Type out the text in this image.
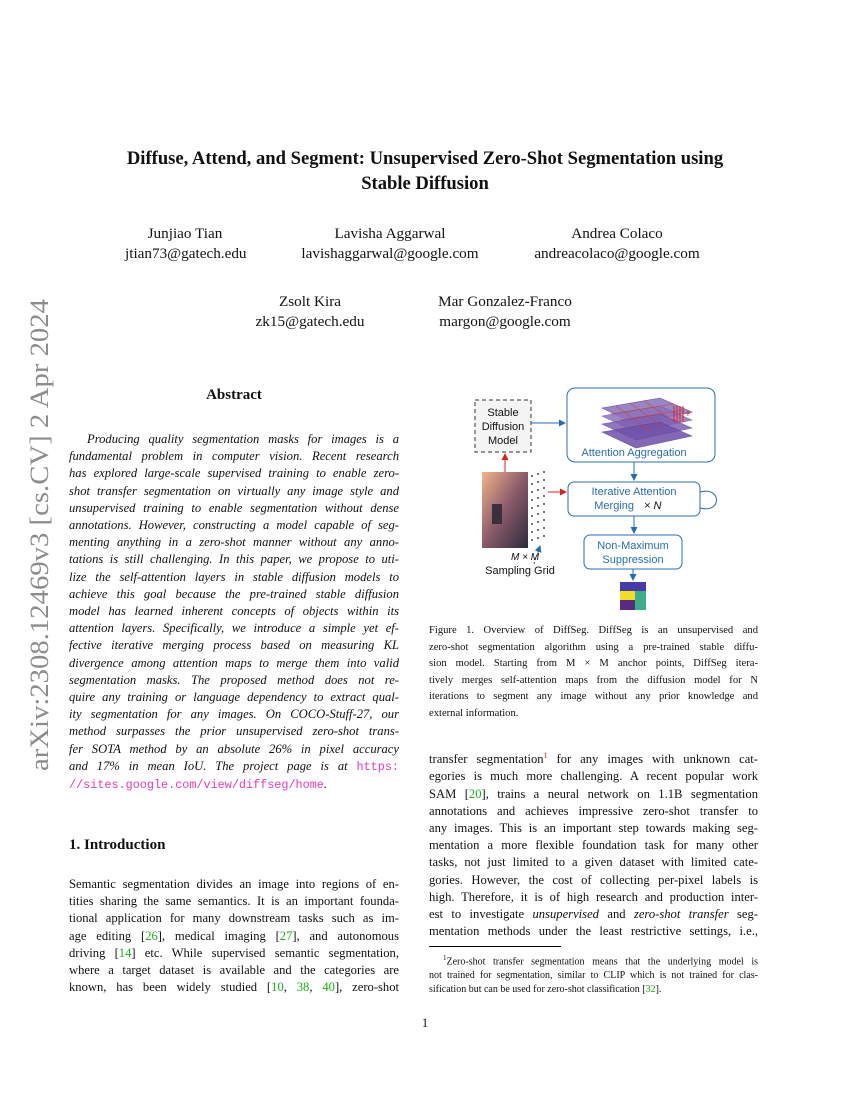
arXiv:2308.12469v3 [cs.CV] 2 Apr 2024
Diffuse, Attend, and Segment: Unsupervised Zero-Shot Segmentation using
Stable Diffusion
Junjiao Tian
jtian73@gatech.edu
Lavisha Aggarwal
lavishaggarwal@google.com
Andrea Colaco
andreacolaco@google.com
Zsolt Kira
zk15@gatech.edu
Mar Gonzalez-Franco
margon@google.com
Abstract
Producing quality segmentation masks for images is a
fundamental problem in computer vision. Recent research
has explored large-scale supervised training to enable zero-
shot transfer segmentation on virtually any image style and
unsupervised training to enable segmentation without dense
annotations. However, constructing a model capable of seg-
menting anything in a zero-shot manner without any anno-
tations is still challenging. In this paper, we propose to uti-
lize the self-attention layers in stable diffusion models to
achieve this goal because the pre-trained stable diffusion
model has learned inherent concepts of objects within its
attention layers. Specifically, we introduce a simple yet ef-
fective iterative merging process based on measuring KL
divergence among attention maps to merge them into valid
segmentation masks. The proposed method does not re-
quire any training or language dependency to extract qual-
ity segmentation for any images. On COCO-Stuff-27, our
method surpasses the prior unsupervised zero-shot trans-
fer SOTA method by an absolute 26% in pixel accuracy
and 17% in mean IoU. The project page is at https:
//sites.google.com/view/diffseg/home.
1. Introduction
Semantic segmentation divides an image into regions of en-
tities sharing the same semantics. It is an important founda-
tional application for many downstream tasks such as im-
age editing [26], medical imaging [27], and autonomous
driving [14] etc. While supervised semantic segmentation,
where a target dataset is available and the categories are
known, has been widely studied [10, 38, 40], zero-shot
Stable
Diffusion
Model
+
Attention Aggregation
M × M
Sampling Grid
Iterative Attention
Merging × N
Non-Maximum
Suppression
Figure 1. Overview of DiffSeg. DiffSeg is an unsupervised and
zero-shot segmentation algorithm using a pre-trained stable diffu-
sion model. Starting from M × M anchor points, DiffSeg itera-
tively merges self-attention maps from the diffusion model for N
iterations to segment any image without any prior knowledge and
external information.
transfer segmentation$^1$ for any images with unknown cat-
egories is much more challenging. A recent popular work
SAM [20], trains a neural network on 1.1B segmentation
annotations and achieves impressive zero-shot transfer to
any images. This is an important step towards making seg-
mentation a more flexible foundation task for many other
tasks, not just limited to a given dataset with limited cate-
gories. However, the cost of collecting per-pixel labels is
high. Therefore, it is of high research and production inter-
est to investigate unsupervised and zero-shot transfer seg-
mentation methods under the least restrictive settings, i.e.,
$^1$Zero-shot transfer segmentation means that the underlying model is
not trained for segmentation, similar to CLIP which is not trained for clas-
sification but can be used for zero-shot classification [32].
1
